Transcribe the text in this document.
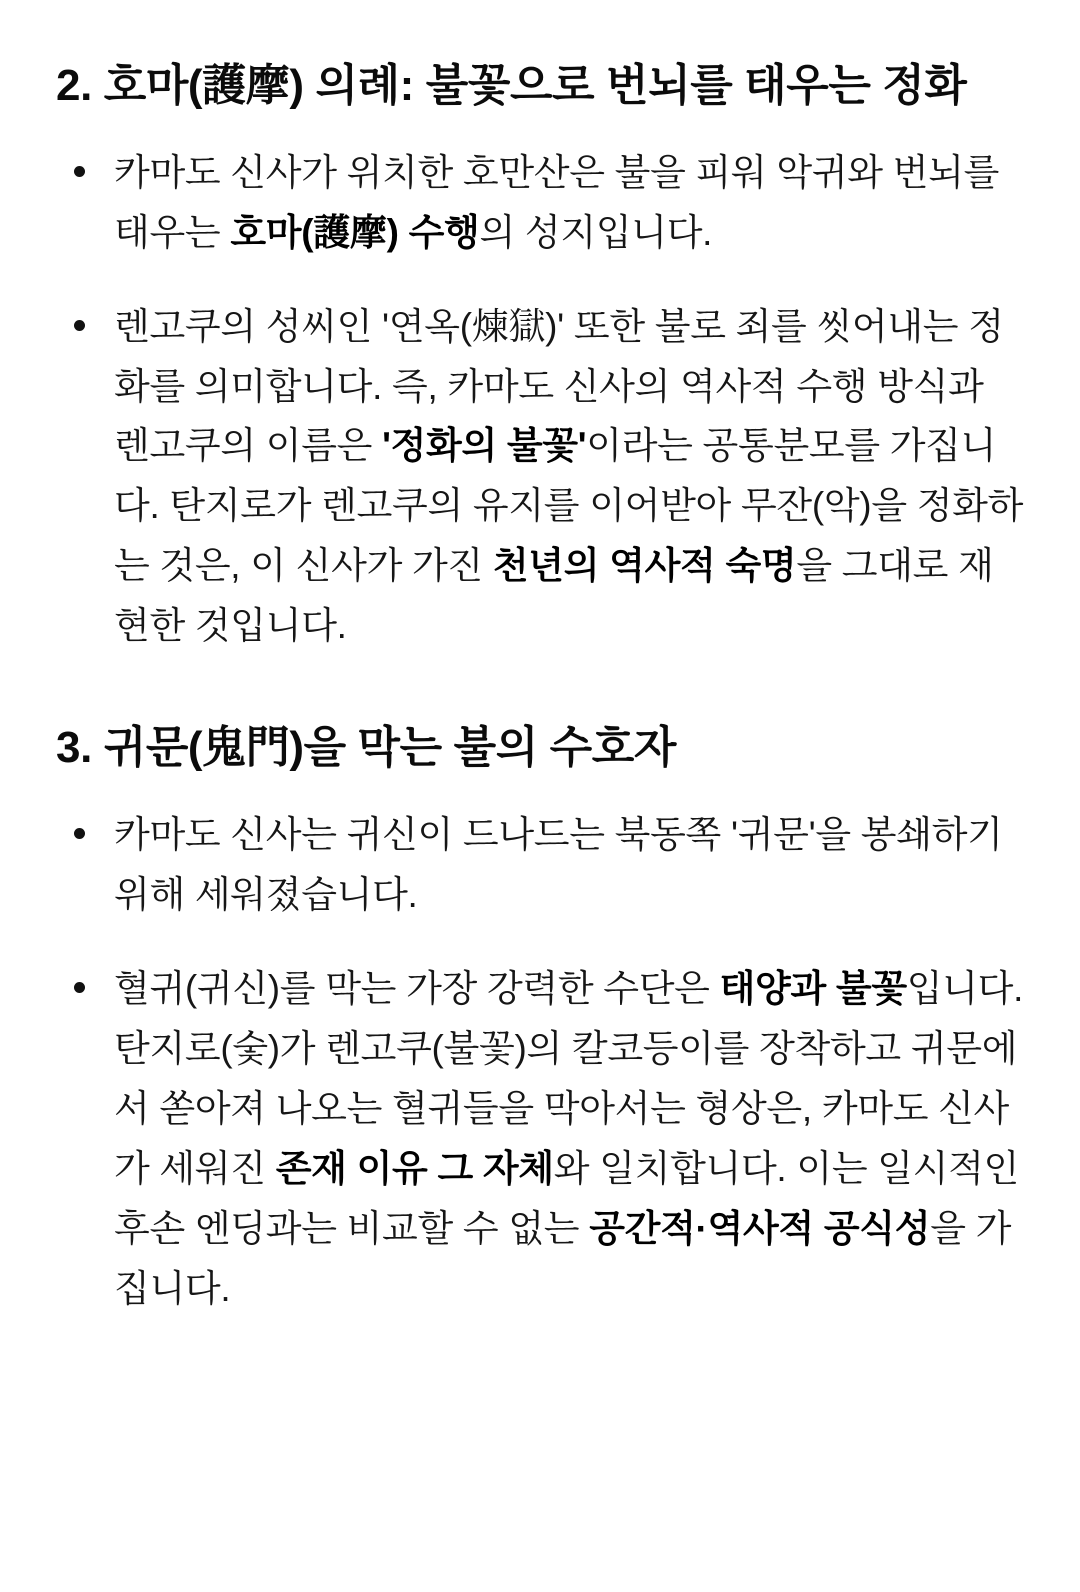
2. 호마(護摩) 의례: 불꽃으로 번뇌를 태우는 정화
카마도 신사가 위치한 호만산은 불을 피워 악귀와 번뇌를 태우는 호마(護摩) 수행의 성지입니다.
렌고쿠의 성씨인 '연옥(煉獄)' 또한 불로 죄를 씻어내는 정화를 의미합니다. 즉, 카마도 신사의 역사적 수행 방식과 렌고쿠의 이름은 '정화의 불꽃'이라는 공통분모를 가집니다. 탄지로가 렌고쿠의 유지를 이어받아 무잔(악)을 정화하는 것은, 이 신사가 가진 천년의 역사적 숙명을 그대로 재현한 것입니다.
3. 귀문(鬼門)을 막는 불의 수호자
카마도 신사는 귀신이 드나드는 북동쪽 '귀문'을 봉쇄하기 위해 세워졌습니다.
혈귀(귀신)를 막는 가장 강력한 수단은 태양과 불꽃입니다. 탄지로(숯)가 렌고쿠(불꽃)의 칼코등이를 장착하고 귀문에서 쏟아져 나오는 혈귀들을 막아서는 형상은, 카마도 신사가 세워진 존재 이유 그 자체와 일치합니다. 이는 일시적인 후손 엔딩과는 비교할 수 없는 공간적·역사적 공식성을 가집니다.
